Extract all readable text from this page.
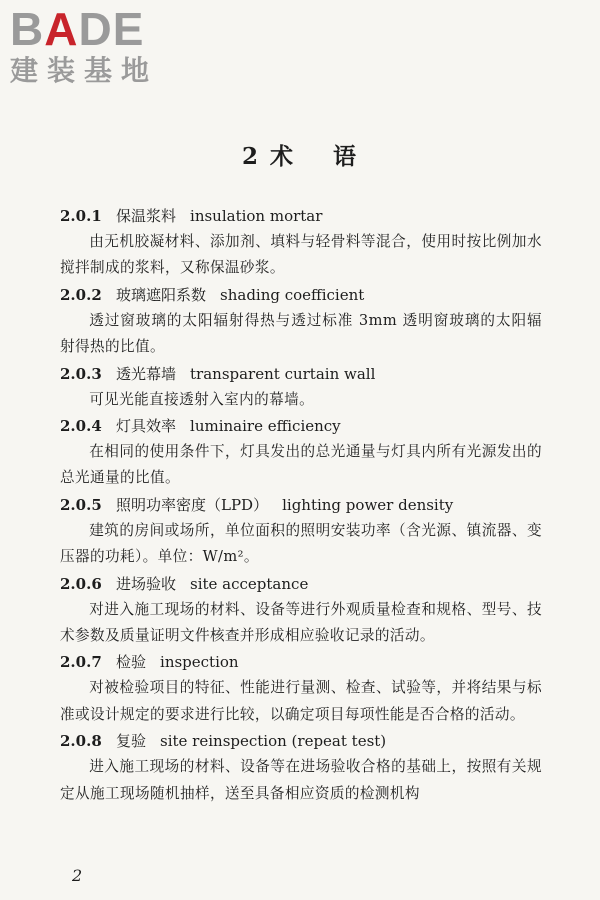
BADE
建装基地
2 术 语

2.0.1 保温浆料 insulation mortar

由无机胶凝材料、添加剂、填料与轻骨料等混合，使用时按比例加水搅拌制成的浆料，又称保温砂浆。

2.0.2 玻璃遮阳系数 shading coefficient

透过窗玻璃的太阳辐射得热与透过标准 3mm 透明窗玻璃的太阳辐射得热的比值。

2.0.3 透光幕墙 transparent curtain wall

可见光能直接透射入室内的幕墙。

2.0.4 灯具效率 luminaire efficiency

在相同的使用条件下，灯具发出的总光通量与灯具内所有光源发出的总光通量的比值。

2.0.5 照明功率密度（LPD） lighting power density

建筑的房间或场所，单位面积的照明安装功率（含光源、镇流器、变压器的功耗）。单位：W/m²。

2.0.6 进场验收 site acceptance

对进入施工现场的材料、设备等进行外观质量检查和规格、型号、技术参数及质量证明文件核查并形成相应验收记录的活动。

2.0.7 检验 inspection

对被检验项目的特征、性能进行量测、检查、试验等，并将结果与标准或设计规定的要求进行比较，以确定项目每项性能是否合格的活动。

2.0.8 复验 site reinspection (repeat test)

进入施工现场的材料、设备等在进场验收合格的基础上，按照有关规定从施工现场随机抽样，送至具备相应资质的检测机构

2
